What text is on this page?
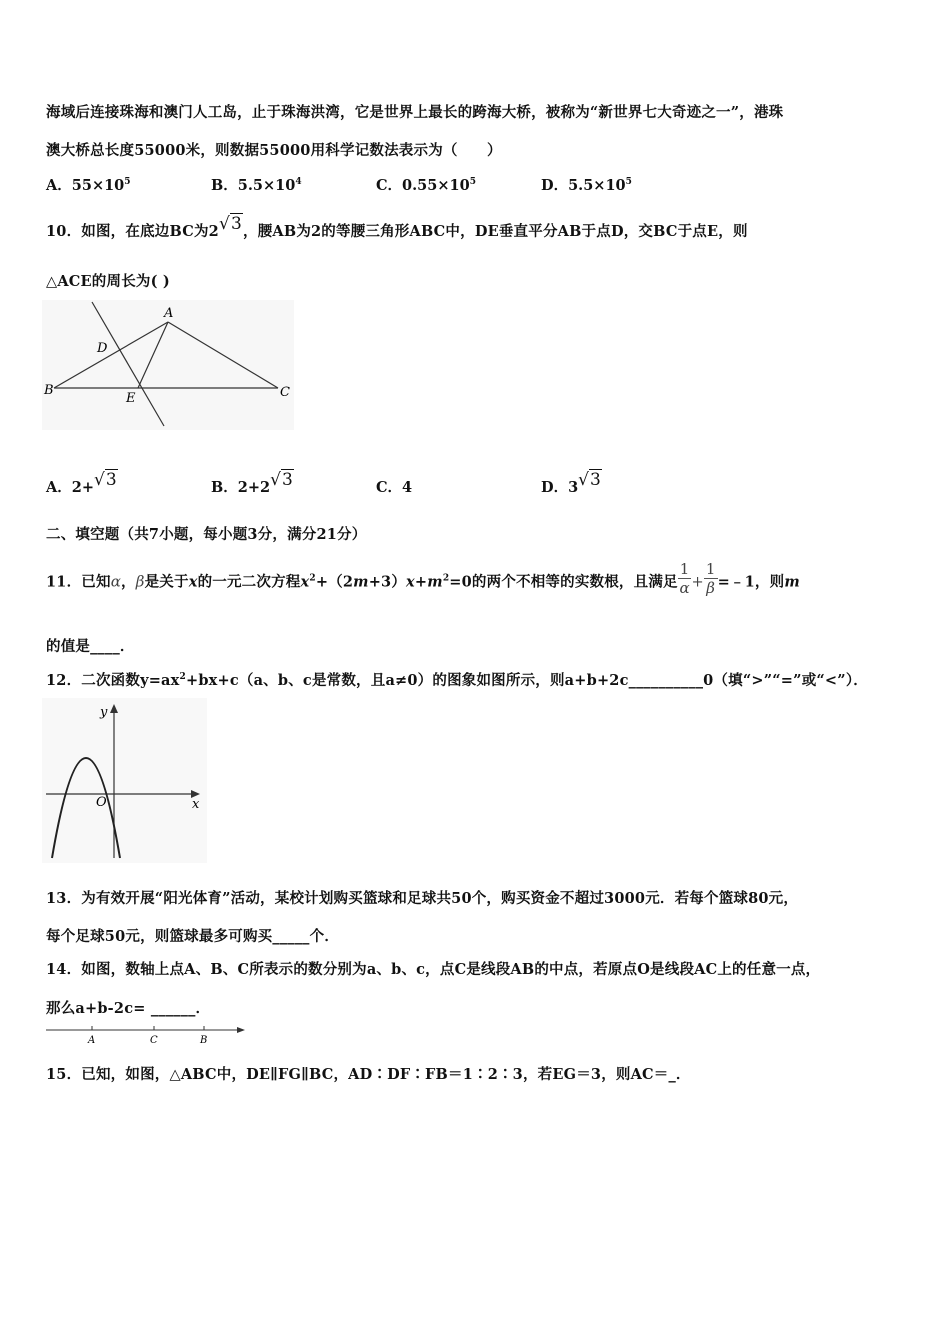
海域后连接珠海和澳门人工岛，止于珠海洪湾，它是世界上最长的跨海大桥，被称为“新世界七大奇迹之一”，港珠
澳大桥总长度55000米，则数据55000用科学记数法表示为（　　）
A．$55\times 10^5$	B．$5.5\times 10^4$	C．$0.55\times 10^5$	D．$5.5\times 10^5$
10．如图，在底边BC为2√3，腰AB为2的等腰三角形ABC中，DE垂直平分AB于点D，交BC于点E，则
△ACE的周长为( )
A
B	C
D
E
A．2+√3	B．2+2√3	C．4	D．3√3
二、填空题（共7小题，每小题3分，满分21分）
11．已知α，β是关于x的一元二次方程$x^2+(2m+3)x+m^2=0$的两个不相等的实数根，且满足 $\frac{1}{\alpha} + \frac{1}{\beta}$ =﹣1，则m
的值是____．
12．二次函数$y=ax^2+bx+c(a$、b、c是常数，且a≠0）的图象如图所示，则a+b+2c__________0（填“>”“=”或“<”）．
y
x
O
13．为有效开展“阳光体育”活动，某校计划购买篮球和足球共50个，购买资金不超过3000元．若每个篮球80元，
每个足球50元，则篮球最多可购买_____个．
14．如图，数轴上点A、B、C所表示的数分别为a、b、c，点C是线段AB的中点，若原点O是线段AC上的任意一点，
那么a+b-2c= ______．
A	C	B
15．已知，如图，△ABC中，DE∥FG∥BC，AD∶DF∶FB＝1∶2∶3，若EG＝3，则AC＝_．
